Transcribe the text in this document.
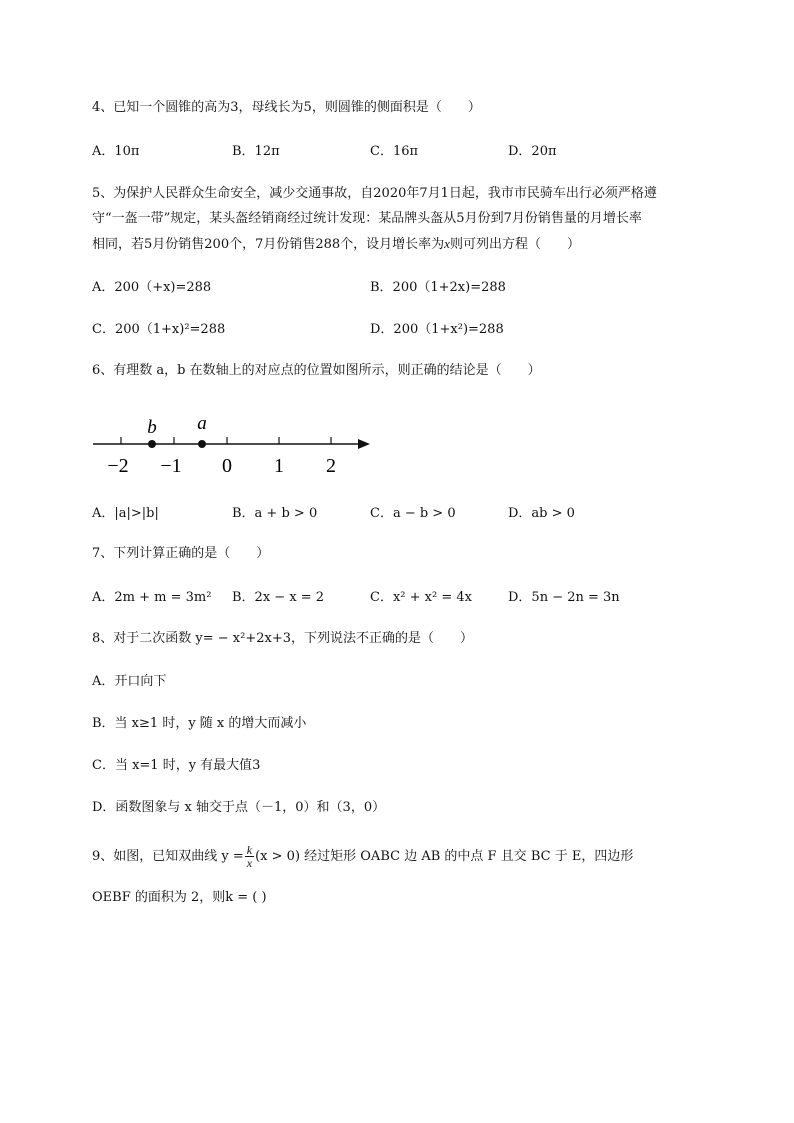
4、已知一个圆锥的高为3，母线长为5，则圆锥的侧面积是（　　）
A．10π	B．12π	C．16π	D．20π
5、为保护人民群众生命安全，减少交通事故，自2020年7月1日起，我市市民骑车出行必须严格遵
守“一盔一带”规定，某头盔经销商经过统计发现：某品牌头盔从5月份到7月份销售量的月增长率
相同，若5月份销售200个，7月份销售288个，设月增长率为x则可列出方程（　　）
A．200（+x)=288	B．200（1+2x)=288
C．200（1+x)²=288	D．200（1+x²)=288
6、有理数 a，b 在数轴上的对应点的位置如图所示，则正确的结论是（　　）
b a
−2 −1 0 1 2
A．|a|>|b|	B．a + b > 0	C．a − b > 0	D．ab > 0
7、下列计算正确的是（　　）
A．2m + m = 3m² B．2x − x = 2	C．x² + x² = 4x	D．5n − 2n = 3n
8、对于二次函数 y= − x²+2x+3，下列说法不正确的是（　　）
A．开口向下
B．当 x≥1 时，y 随 x 的增大而减小
C．当 x=1 时，y 有最大值3
D．函数图象与 x 轴交于点（－1，0）和（3，0）
9、如图，已知双曲线 $y = \frac{k}{x} (x > 0)$ 经过矩形 OABC 边 AB 的中点 F 且交 BC 于 E，四边形
OEBF 的面积为 2，则k = ( )
